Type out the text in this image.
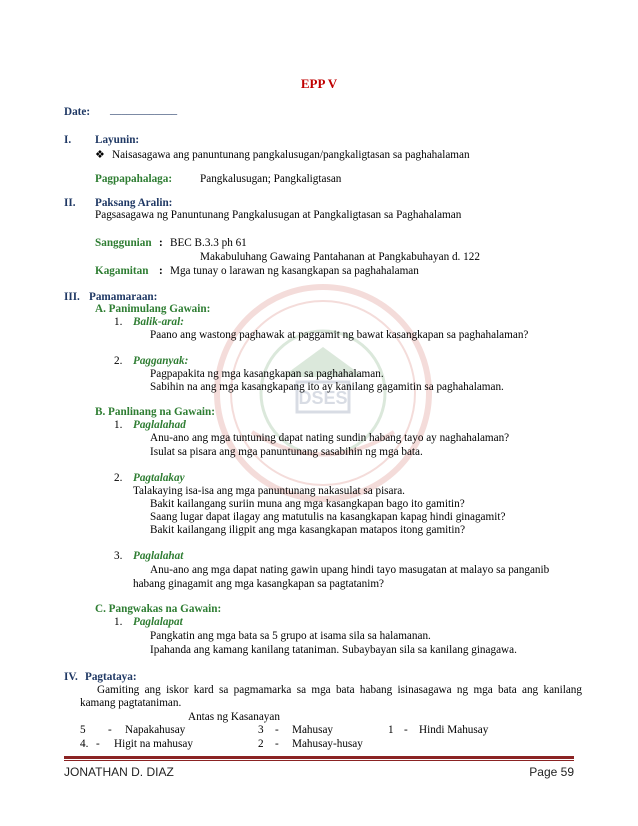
DSES
EPP V
Date: ____________
I. Layunin:
❖ Naisasagawa ang panuntunang pangkalusugan/pangkaligtasan sa paghahalaman
Pagpapahalaga: Pangkalusugan; Pangkaligtasan
II. Paksang Aralin:
Pagsasagawa ng Panuntunang Pangkalusugan at Pangkaligtasan sa Paghahalaman
Sanggunian : BEC B.3.3 ph 61
Makabuluhang Gawaing Pantahanan at Pangkabuhayan d. 122
Kagamitan : Mga tunay o larawan ng kasangkapan sa paghahalaman
III. Pamamaraan:
A. Panimulang Gawain:
1. Balik-aral:
Paano ang wastong paghawak at paggamit ng bawat kasangkapan sa paghahalaman?
2. Pagganyak:
Pagpapakita ng mga kasangkapan sa paghahalaman.
Sabihin na ang mga kasangkapang ito ay kanilang gagamitin sa paghahalaman.
B. Panlinang na Gawain:
1. Paglalahad
Anu-ano ang mga tuntuning dapat nating sundin habang tayo ay naghahalaman?
Isulat sa pisara ang mga panuntunang sasabihin ng mga bata.
2. Pagtalakay
Talakaying isa-isa ang mga panuntunang nakasulat sa pisara.
Bakit kailangang suriin muna ang mga kasangkapan bago ito gamitin?
Saang lugar dapat ilagay ang matutulis na kasangkapan kapag hindi ginagamit?
Bakit kailangang iligpit ang mga kasangkapan matapos itong gamitin?
3. Paglalahat
Anu-ano ang mga dapat nating gawin upang hindi tayo masugatan at malayo sa panganib
habang ginagamit ang mga kasangkapan sa pagtatanim?
C. Pangwakas na Gawain:
1. Paglalapat
Pangkatin ang mga bata sa 5 grupo at isama sila sa halamanan.
Ipahanda ang kamang kanilang tataniman. Subaybayan sila sa kanilang ginagawa.
IV. Pagtataya:
Gamiting ang iskor kard sa pagmamarka sa mga bata habang isinasagawa ng mga bata ang kanilang kamang pagtataniman.
Antas ng Kasanayan
5 - Napakahusay	3 - Mahusay	1 - Hindi Mahusay
4. - Higit na mahusay	2 - Mahusay-husay
JONATHAN D. DIAZ	Page 59
